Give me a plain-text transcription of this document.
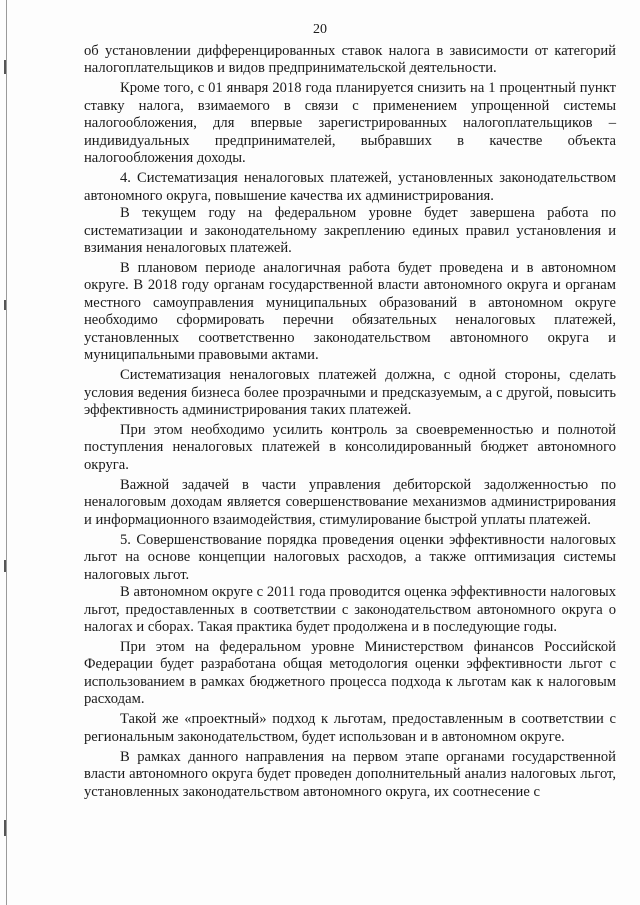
20

об установлении дифференцированных ставок налога в зависимости от категорий налогоплательщиков и видов предпринимательской деятельности.

Кроме того, с 01 января 2018 года планируется снизить на 1 процентный пункт ставку налога, взимаемого в связи с применением упрощенной системы налогообложения, для впервые зарегистрированных налогоплательщиков – индивидуальных предпринимателей, выбравших в качестве объекта налогообложения доходы.

4. Систематизация неналоговых платежей, установленных законодательством автономного округа, повышение качества их администрирования.

В текущем году на федеральном уровне будет завершена работа по систематизации и законодательному закреплению единых правил установления и взимания неналоговых платежей.

В плановом периоде аналогичная работа будет проведена и в автономном округе. В 2018 году органам государственной власти автономного округа и органам местного самоуправления муниципальных образований в автономном округе необходимо сформировать перечни обязательных неналоговых платежей, установленных соответственно законодательством автономного округа и муниципальными правовыми актами.

Систематизация неналоговых платежей должна, с одной стороны, сделать условия ведения бизнеса более прозрачными и предсказуемым, а с другой, повысить эффективность администрирования таких платежей.

При этом необходимо усилить контроль за своевременностью и полнотой поступления неналоговых платежей в консолидированный бюджет автономного округа.

Важной задачей в части управления дебиторской задолженностью по неналоговым доходам является совершенствование механизмов администрирования и информационного взаимодействия, стимулирование быстрой уплаты платежей.

5. Совершенствование порядка проведения оценки эффективности налоговых льгот на основе концепции налоговых расходов, а также оптимизация системы налоговых льгот.

В автономном округе с 2011 года проводится оценка эффективности налоговых льгот, предоставленных в соответствии с законодательством автономного округа о налогах и сборах. Такая практика будет продолжена и в последующие годы.

При этом на федеральном уровне Министерством финансов Российской Федерации будет разработана общая методология оценки эффективности льгот с использованием в рамках бюджетного процесса подхода к льготам как к налоговым расходам.

Такой же «проектный» подход к льготам, предоставленным в соответствии с региональным законодательством, будет использован и в автономном округе.

В рамках данного направления на первом этапе органами государственной власти автономного округа будет проведен дополнительный анализ налоговых льгот, установленных законодательством автономного округа, их соотнесение с
